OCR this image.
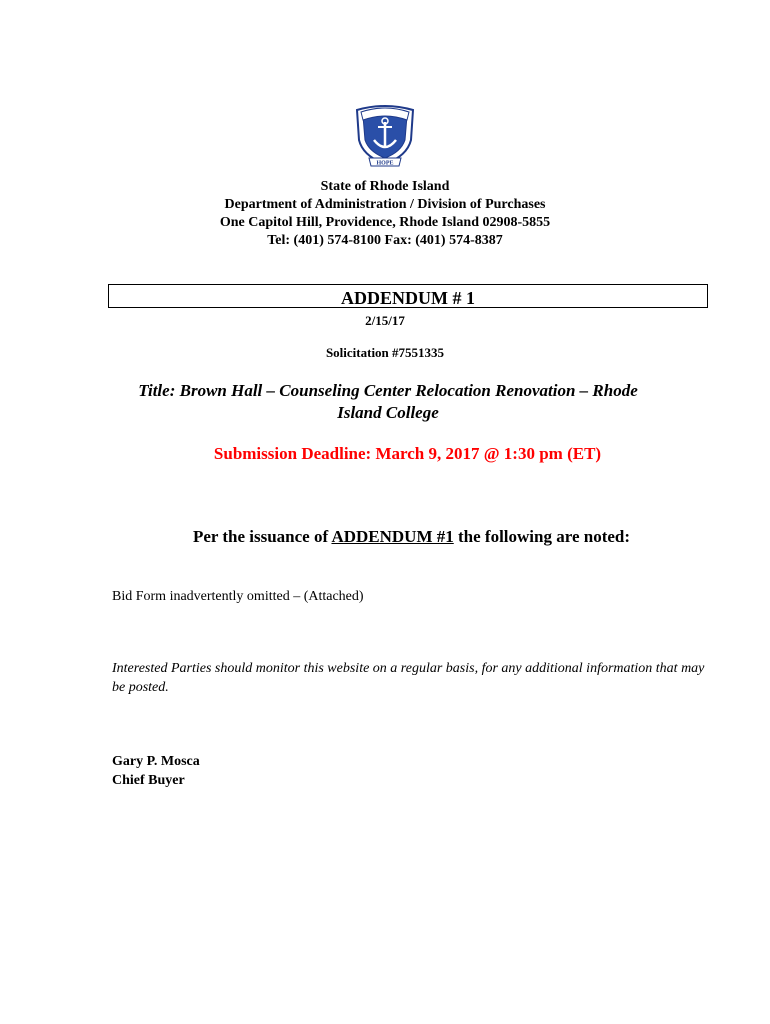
HOPE
State of Rhode Island
Department of Administration / Division of Purchases
One Capitol Hill, Providence, Rhode Island 02908-5855
Tel: (401) 574-8100 Fax: (401) 574-8387
ADDENDUM # 1
2/15/17
Solicitation #7551335
Title: Brown Hall – Counseling Center Relocation Renovation – Rhode
Island College
Submission Deadline: March 9, 2017 @ 1:30 pm (ET)
Per the issuance of ADDENDUM #1 the following are noted:
Bid Form inadvertently omitted – (Attached)
Interested Parties should monitor this website on a regular basis, for any additional information that may be posted.
Gary P. Mosca
Chief Buyer
